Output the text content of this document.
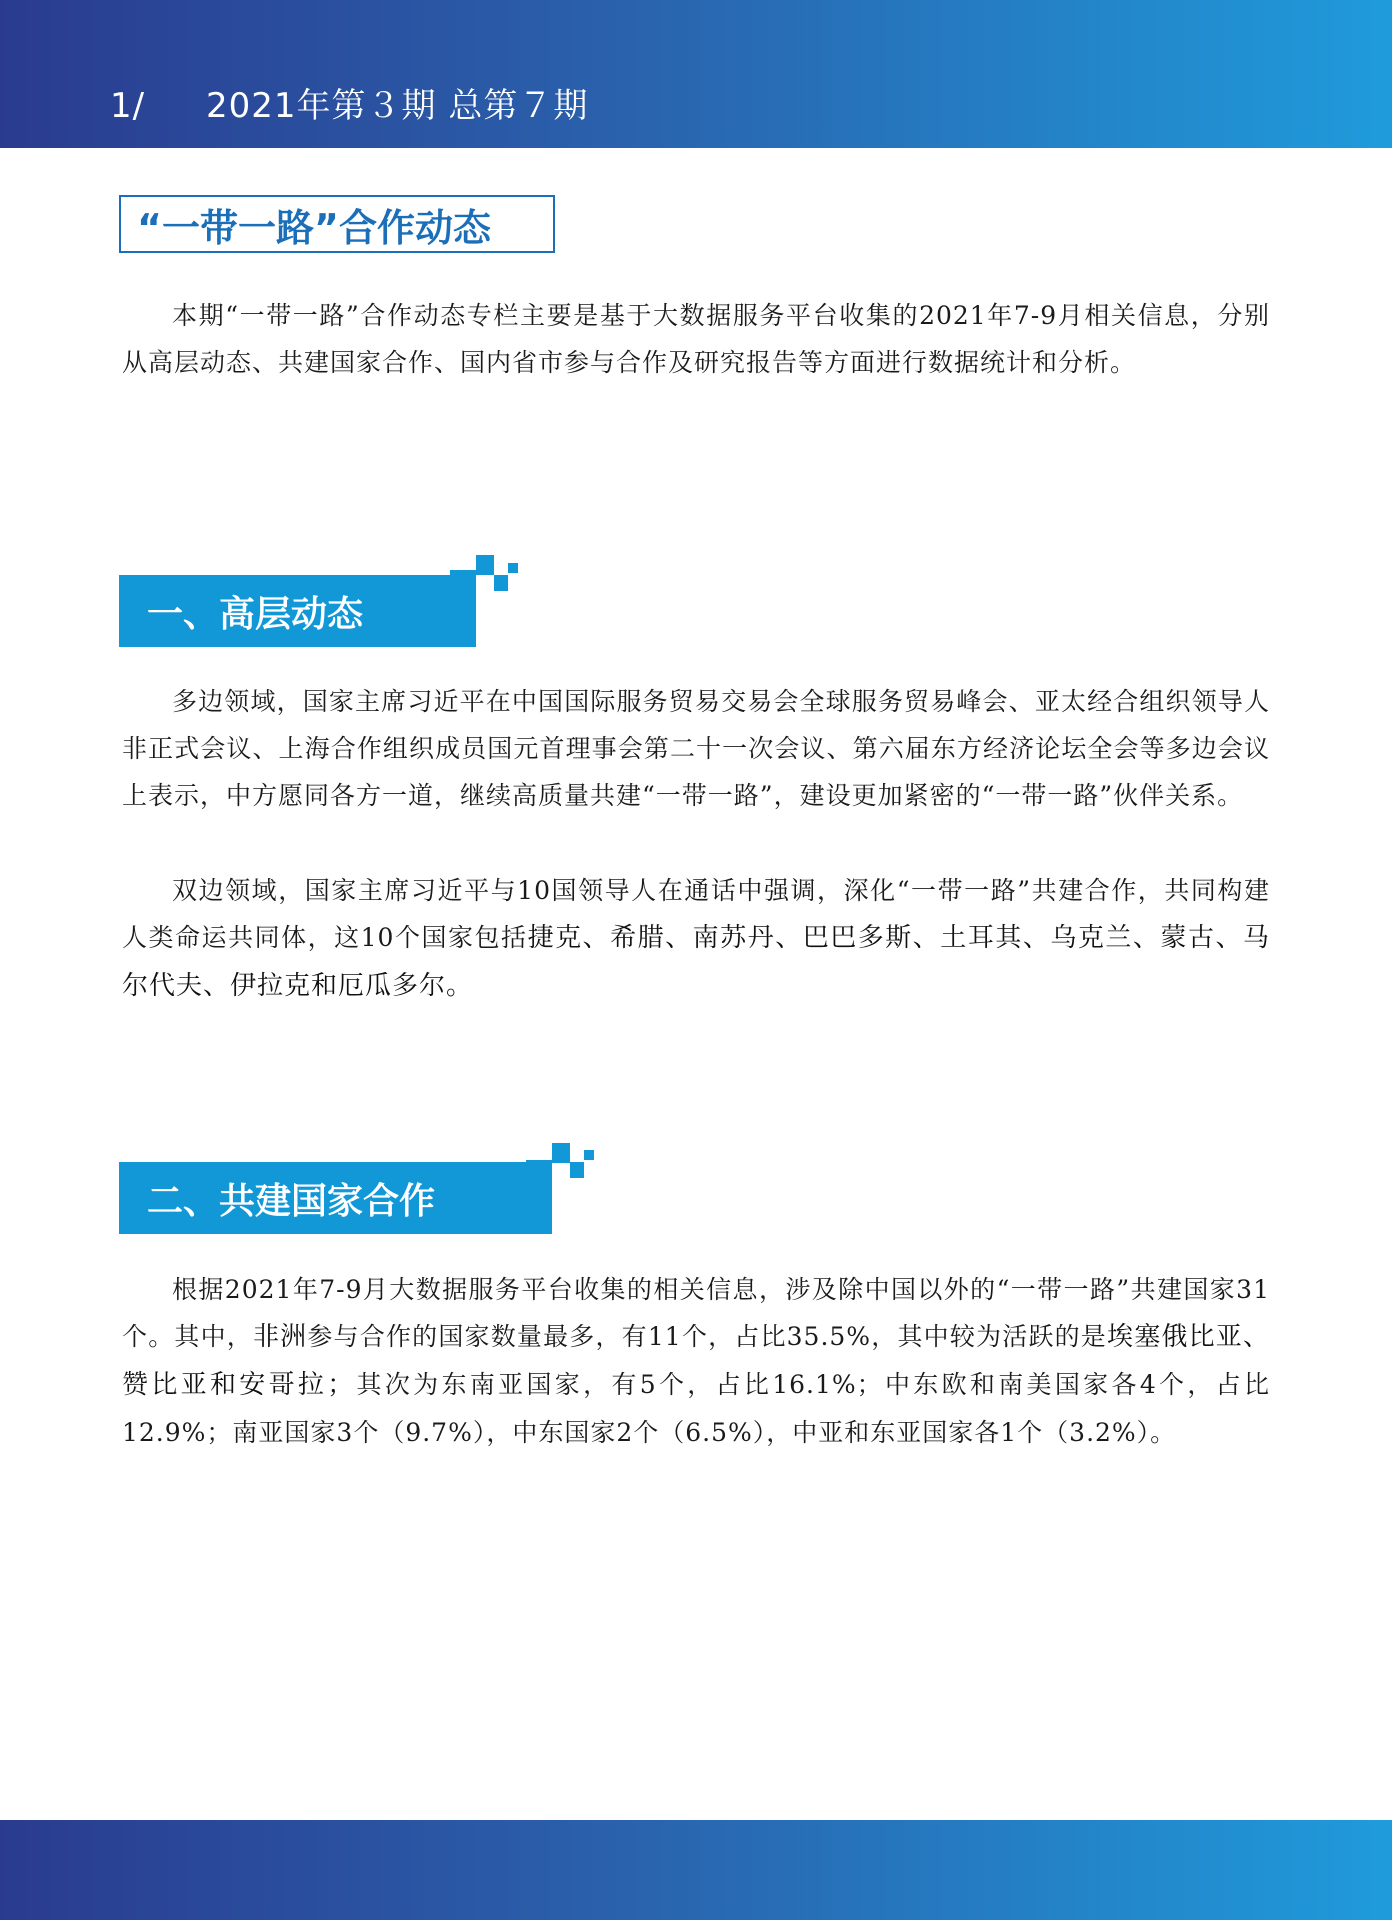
1/ 2021年第３期 总第７期
“一带一路”合作动态

本期“一带一路”合作动态专栏主要是基于大数据服务平台收集的2021年7-9月相关信息，分别从高层动态、共建国家合作、国内省市参与合作及研究报告等方面进行数据统计和分析。

一、高层动态

多边领域，国家主席习近平在中国国际服务贸易交易会全球服务贸易峰会、亚太经合组织领导人非正式会议、上海合作组织成员国元首理事会第二十一次会议、第六届东方经济论坛全会等多边会议上表示，中方愿同各方一道，继续高质量共建“一带一路”，建设更加紧密的“一带一路”伙伴关系。

双边领域，国家主席习近平与10国领导人在通话中强调，深化“一带一路”共建合作，共同构建人类命运共同体，这10个国家包括捷克、希腊、南苏丹、巴巴多斯、土耳其、乌克兰、蒙古、马尔代夫、伊拉克和厄瓜多尔。

二、共建国家合作

根据2021年7-9月大数据服务平台收集的相关信息，涉及除中国以外的“一带一路”共建国家31个。其中，非洲参与合作的国家数量最多，有11个，占比35.5%，其中较为活跃的是埃塞俄比亚、赞比亚和安哥拉；其次为东南亚国家，有5个，占比16.1%；中东欧和南美国家各4个，占比12.9%；南亚国家3个（9.7%），中东国家2个（6.5%），中亚和东亚国家各1个（3.2%）。
